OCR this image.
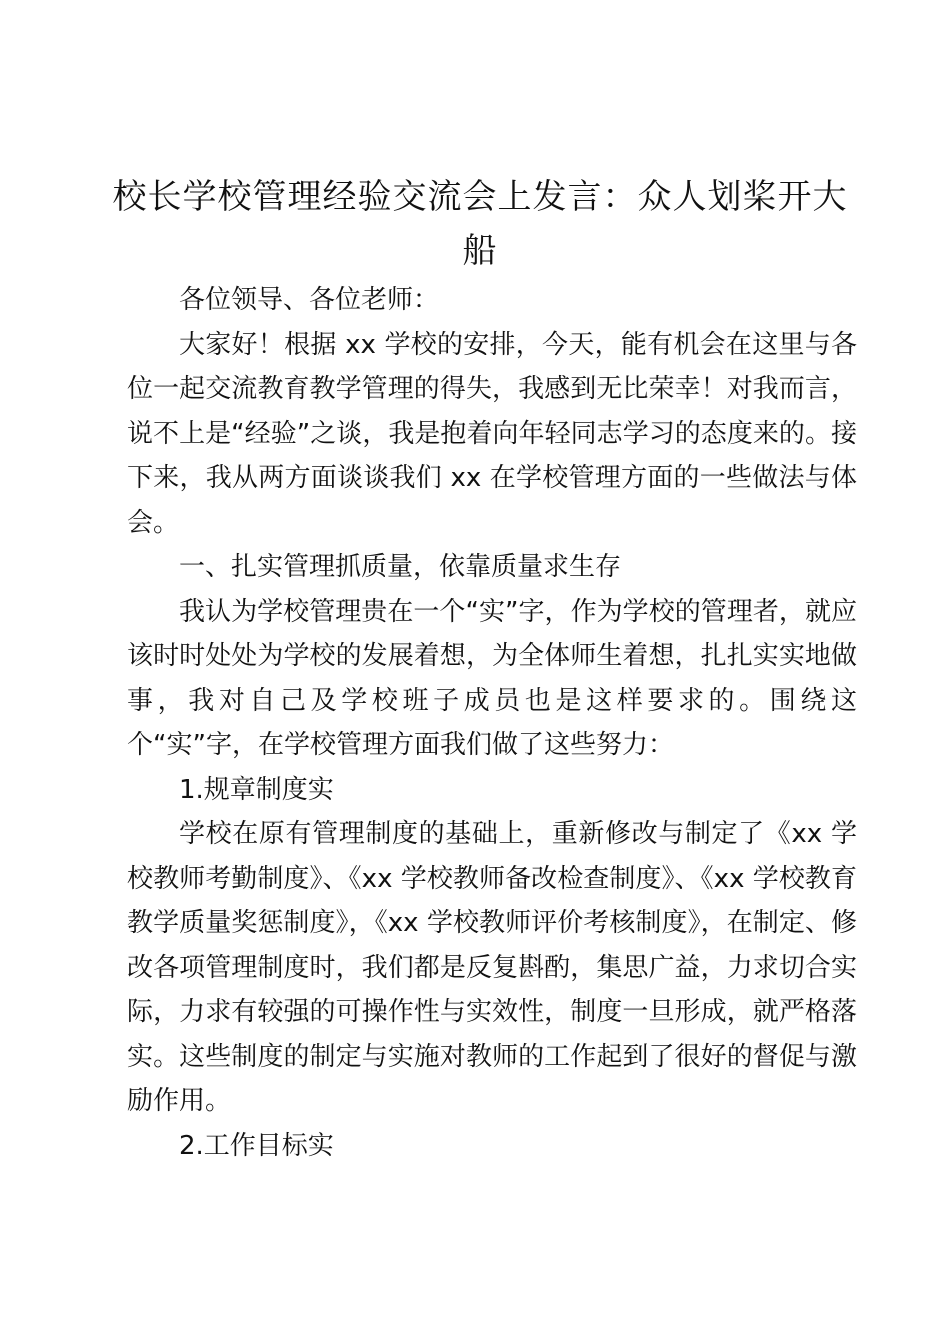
校长学校管理经验交流会上发言：众人划桨开大船

各位领导、各位老师：

大家好！根据 xx 学校的安排，今天，能有机会在这里与各位一起交流教育教学管理的得失，我感到无比荣幸！对我而言，说不上是“经验”之谈，我是抱着向年轻同志学习的态度来的。接下来，我从两方面谈谈我们 xx 在学校管理方面的一些做法与体会。

一、扎实管理抓质量，依靠质量求生存

我认为学校管理贵在一个“实”字，作为学校的管理者，就应该时时处处为学校的发展着想，为全体师生着想，扎扎实实地做事，我对自己及学校班子成员也是这样要求的。围绕这个“实”字，在学校管理方面我们做了这些努力：

1.规章制度实

学校在原有管理制度的基础上，重新修改与制定了《xx 学校教师考勤制度》、《xx 学校教师备改检查制度》、《xx 学校教育教学质量奖惩制度》，《xx 学校教师评价考核制度》，在制定、修改各项管理制度时，我们都是反复斟酌，集思广益，力求切合实际，力求有较强的可操作性与实效性，制度一旦形成，就严格落实。这些制度的制定与实施对教师的工作起到了很好的督促与激励作用。

2.工作目标实
